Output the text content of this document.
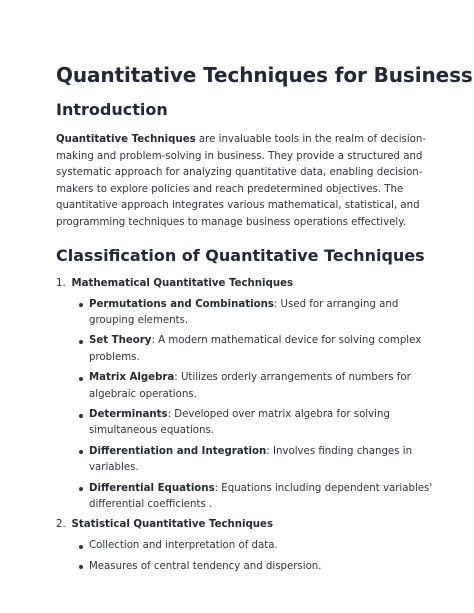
Quantitative Techniques for Business
Introduction

Quantitative Techniques are invaluable tools in the realm of decision-making and problem-solving in business. They provide a structured and systematic approach for analyzing quantitative data, enabling decision-makers to explore policies and reach predetermined objectives. The quantitative approach integrates various mathematical, statistical, and programming techniques to manage business operations effectively.

Classification of Quantitative Techniques
1. Mathematical Quantitative Techniques
Permutations and Combinations: Used for arranging and grouping elements.
Set Theory: A modern mathematical device for solving complex problems.
Matrix Algebra: Utilizes orderly arrangements of numbers for algebraic operations.
Determinants: Developed over matrix algebra for solving simultaneous equations.
Differentiation and Integration: Involves finding changes in variables.
Differential Equations: Equations including dependent variables' differential coefficients .
2. Statistical Quantitative Techniques
Collection and interpretation of data.
Measures of central tendency and dispersion.
